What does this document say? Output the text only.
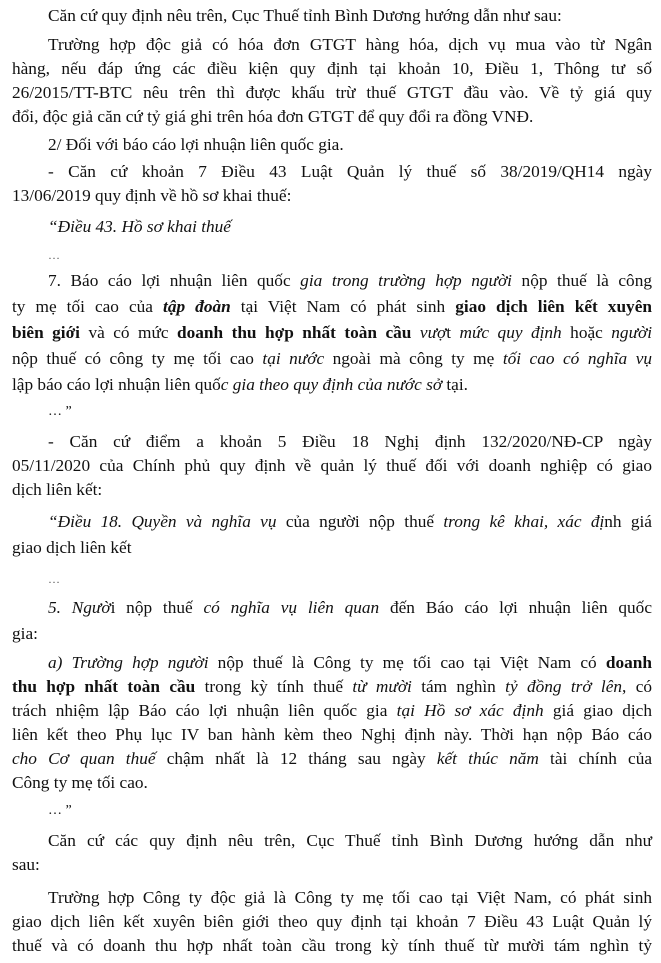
Căn cứ quy định nêu trên, Cục Thuế tỉnh Bình Dương hướng dẫn như sau:
Trường hợp độc giả có hóa đơn GTGT hàng hóa, dịch vụ mua vào từ Ngân
hàng, nếu đáp ứng các điều kiện quy định tại khoản 10, Điều 1, Thông tư số
26/2015/TT-BTC nêu trên thì được khấu trừ thuế GTGT đầu vào. Về tỷ giá quy
đổi, độc giả căn cứ tỷ giá ghi trên hóa đơn GTGT để quy đổi ra đồng VNĐ.
2/ Đối với báo cáo lợi nhuận liên quốc gia.
- Căn cứ khoản 7 Điều 43 Luật Quản lý thuế số 38/2019/QH14 ngày
13/06/2019 quy định về hồ sơ khai thuế:
“Điều 43. Hồ sơ khai thuế
…
7. Báo cáo lợi nhuận liên quốc gia trong trường hợp người nộp thuế là công
ty mẹ tối cao của tập đoàn tại Việt Nam có phát sinh giao dịch liên kết xuyên
biên giới và có mức doanh thu hợp nhất toàn cầu vượt mức quy định hoặc người
nộp thuế có công ty mẹ tối cao tại nước ngoài mà công ty mẹ tối cao có nghĩa vụ
lập báo cáo lợi nhuận liên quốc gia theo quy định của nước sở tại.
… ”
- Căn cứ điểm a khoản 5 Điều 18 Nghị định 132/2020/NĐ-CP ngày
05/11/2020 của Chính phủ quy định về quản lý thuế đối với doanh nghiệp có giao
dịch liên kết:
“Điều 18. Quyền và nghĩa vụ của người nộp thuế trong kê khai, xác định giá
giao dịch liên kết
…
5. Người nộp thuế có nghĩa vụ liên quan đến Báo cáo lợi nhuận liên quốc
gia:
a) Trường hợp người nộp thuế là Công ty mẹ tối cao tại Việt Nam có doanh
thu hợp nhất toàn cầu trong kỳ tính thuế từ mười tám nghìn tỷ đồng trở lên, có
trách nhiệm lập Báo cáo lợi nhuận liên quốc gia tại Hồ sơ xác định giá giao dịch
liên kết theo Phụ lục IV ban hành kèm theo Nghị định này. Thời hạn nộp Báo cáo
cho Cơ quan thuế chậm nhất là 12 tháng sau ngày kết thúc năm tài chính của
Công ty mẹ tối cao.
… ”
Căn cứ các quy định nêu trên, Cục Thuế tỉnh Bình Dương hướng dẫn như
sau:
Trường hợp Công ty độc giả là Công ty mẹ tối cao tại Việt Nam, có phát sinh
giao dịch liên kết xuyên biên giới theo quy định tại khoản 7 Điều 43 Luật Quản lý
thuế và có doanh thu hợp nhất toàn cầu trong kỳ tính thuế từ mười tám nghìn tỷ
